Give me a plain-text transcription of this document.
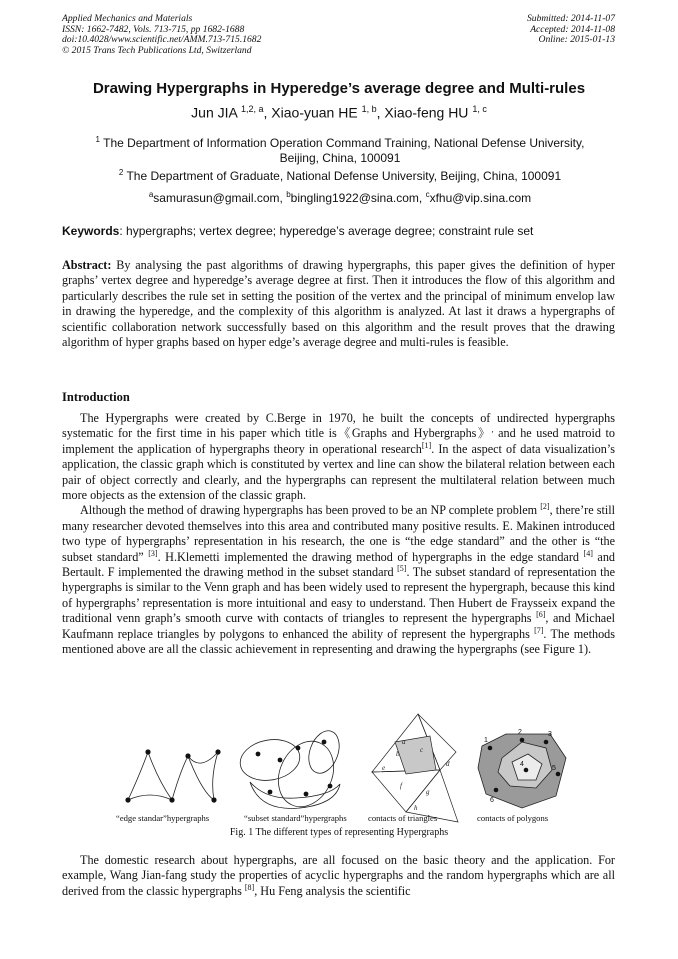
Applied Mechanics and Materials
ISSN: 1662-7482, Vols. 713-715, pp 1682-1688
doi:10.4028/www.scientific.net/AMM.713-715.1682
© 2015 Trans Tech Publications Ltd, Switzerland
Submitted: 2014-11-07
Accepted: 2014-11-08
Online: 2015-01-13
Drawing Hypergraphs in Hyperedge’s average degree and Multi-rules
Jun JIA $^{1,2, a}$, Xiao-yuan HE $^{1, b}$, Xiao-feng HU $^{1, c}$
$^1$ The Department of Information Operation Command Training, National Defense University,
Beijing, China, 100091
$^2$ The Department of Graduate, National Defense University, Beijing, China, 100091
$^a$samurasun@gmail.com, $^b$bingling1922@sina.com, $^c$xfhu@vip.sina.com
Keywords: hypergraphs; vertex degree; hyperedge’s average degree; constraint rule set

Abstract: By analysing the past algorithms of drawing hypergraphs, this paper gives the definition of hyper graphs’ vertex degree and hyperedge’s average degree at first. Then it introduces the flow of this algorithm and particularly describes the rule set in setting the position of the vertex and the principal of minimum envelop law in drawing the hyperedge, and the complexity of this algorithm is analyzed. At last it draws a hypergraphs of scientific collaboration network successfully based on this algorithm and the result proves that the drawing algorithm of hyper graphs based on hyper edge’s average degree and multi-rules is feasible.

Introduction

The Hypergraphs were created by C.Berge in 1970, he built the concepts of undirected hypergraphs systematic for the first time in his paper which title is《Graphs and Hybergraphs》, and he used matroid to implement the application of hypergraphs theory in operational research[1]. In the aspect of data visualization’s application, the classic graph which is constituted by vertex and line can show the bilateral relation between each pair of object correctly and clearly, and the hypergraphs can represent the multilateral relation between much more objects as the extension of the classic graph.

Although the method of drawing hypergraphs has been proved to be an NP complete problem [2], there’re still many researcher devoted themselves into this area and contributed many positive results. E. Makinen introduced two type of hypergraphs’ representation in his research, the one is “the edge standard” and the other is “the subset standard” [3]. H.Klemetti implemented the drawing method of hypergraphs in the edge standard [4] and Bertault. F implemented the drawing method in the subset standard [5]. The subset standard of representation the hypergraphs is similar to the Venn graph and has been widely used to represent the hypergraph, because this kind of hypergraphs’ representation is more intuitional and easy to understand. Then Hubert de Fraysseix expand the traditional venn graph’s smooth curve with contacts of triangles to represent the hypergraphs [6], and Michael Kaufmann replace triangles by polygons to enhanced the ability of represent the hypergraphs [7]. The methods mentioned above are all the classic achievement in representing and drawing the hypergraphs (see Figure 1).

a
b	c
d
e
f
g
h
1
2	3
4
5
6
“edge standar”hypergraphs	“subset standard”hypergraphs contacts of triangles	contacts of polygons
Fig. 1 The different types of representing Hypergraphs

The domestic research about hypergraphs, are all focused on the basic theory and the application. For example, Wang Jian-fang study the properties of acyclic hypergraphs and the random hypergraphs which are all derived from the classic hypergraphs [8], Hu Feng analysis the scientific
